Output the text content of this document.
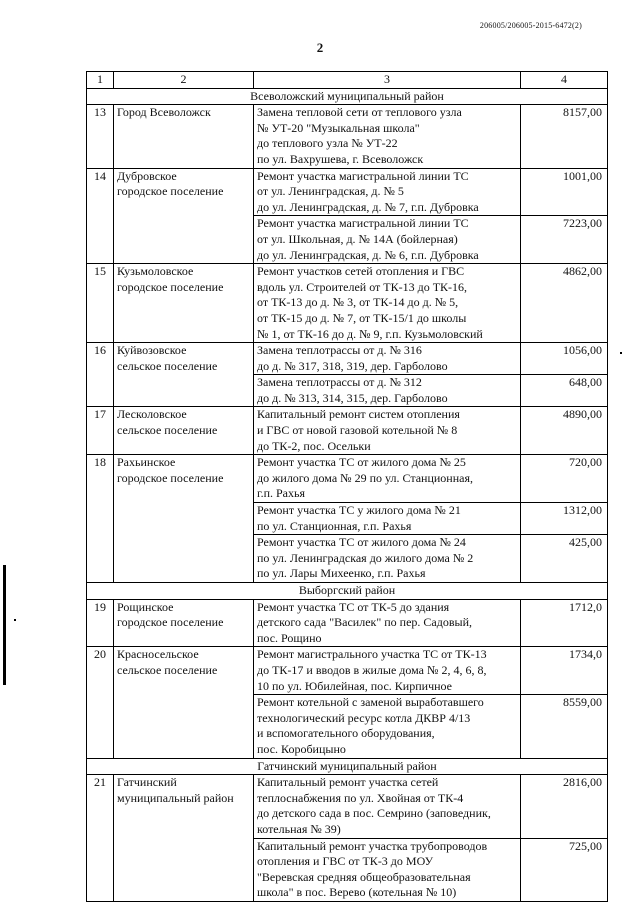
206005/206005-2015-6472(2)
2
1	2	3	4
Всеволожский муниципальный район			
13	Город Всеволожск	Замена тепловой сети от теплового узла
№ УТ-20 "Музыкальная школа"
до теплового узла № УТ-22
по ул. Вахрушева, г. Всеволожск	8157,00
14	Дубровское
городское поселение	Ремонт участка магистральной линии ТС
от ул. Ленинградская, д. № 5
до ул. Ленинградская, д. № 7, г.п. Дубровка	1001,00

		Ремонт участка магистральной линии ТС
от ул. Школьная, д. № 14А (бойлерная)
до ул. Ленинградская, д. № 6, г.п. Дубровка	7223,00
15	Кузьмоловское
городское поселение	Ремонт участков сетей отопления и ГВС
вдоль ул. Строителей от ТК-13 до ТК-16,
от ТК-13 до д. № 3, от ТК-14 до д. № 5,
от ТК-15 до д. № 7, от ТК-15/1 до школы
№ 1, от ТК-16 до д. № 9, г.п. Кузьмоловский	4862,00
16	Куйвозовское
сельское поселение	Замена теплотрассы от д. № 316
до д. № 317, 318, 319, дер. Гарболово	1056,00

		Замена теплотрассы от д. № 312
до д. № 313, 314, 315, дер. Гарболово	648,00
17	Лесколовское
сельское поселение	Капитальный ремонт систем отопления
и ГВС от новой газовой котельной № 8
до ТК-2, пос. Осельки	4890,00
18	Рахьинское
городское поселение	Ремонт участка ТС от жилого дома № 25
до жилого дома № 29 по ул. Станционная,
г.п. Рахья	720,00

		Ремонт участка ТС у жилого дома № 21
по ул. Станционная, г.п. Рахья	1312,00

		Ремонт участка ТС от жилого дома № 24
по ул. Ленинградская до жилого дома № 2
по ул. Лары Михеенко, г.п. Рахья	425,00
Выборгский район			
19	Рощинское
городское поселение	Ремонт участка ТС от ТК-5 до здания
детского сада "Василек" по пер. Садовый,
пос. Рощино	1712,0
20	Красносельское
сельское поселение	Ремонт магистрального участка ТС от ТК-13
до ТК-17 и вводов в жилые дома № 2, 4, 6, 8,
10 по ул. Юбилейная, пос. Кирпичное	1734,0

		Ремонт котельной с заменой выработавшего
технологический ресурс котла ДКВР 4/13
и вспомогательного оборудования,
пос. Коробицыно	8559,00
Гатчинский муниципальный район			
21	Гатчинский
муниципальный район	Капитальный ремонт участка сетей
теплоснабжения по ул. Хвойная от ТК-4
до детского сада в пос. Семрино (заповедник,
котельная № 39)	2816,00

		Капитальный ремонт участка трубопроводов
отопления и ГВС от ТК-3 до МОУ
"Веревская средняя общеобразовательная
школа" в пос. Верево (котельная № 10)	725,00
